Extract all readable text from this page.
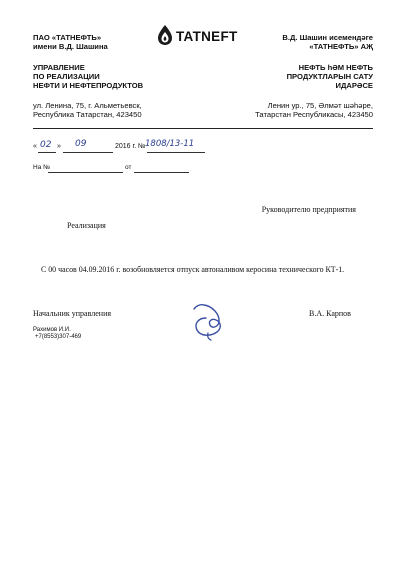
ПАО «ТАТНЕФТЬ»
имени В.Д. Шашина
УПРАВЛЕНИЕ
ПО РЕАЛИЗАЦИИ
НЕФТИ И НЕФТЕПРОДУКТОВ
ул. Ленина, 75, г. Альметьевск,
Республика Татарстан, 423450
TATNEFT	В.Д. Шашин исемендәге
«ТАТНЕФТЬ» АҖ
НЕФТЬ һӘМ НЕФТЬ
ПРОДУКТЛАРЫН САТУ
ИДАРӘСЕ
Ленин ур., 75, Әлмәт шәһәре,
Татарстан Республикасы, 423450
« 02 » 09	2016 г. № 1808/13-11
На №	от
Руководителю предприятия
Реализация
С 00 часов 04.09.2016 г. возобновляется отпуск автоналивом керосина технического КТ-1.
Начальник управления	В.А. Карпов
Рахимов И.И.
+7(8553)307-469
